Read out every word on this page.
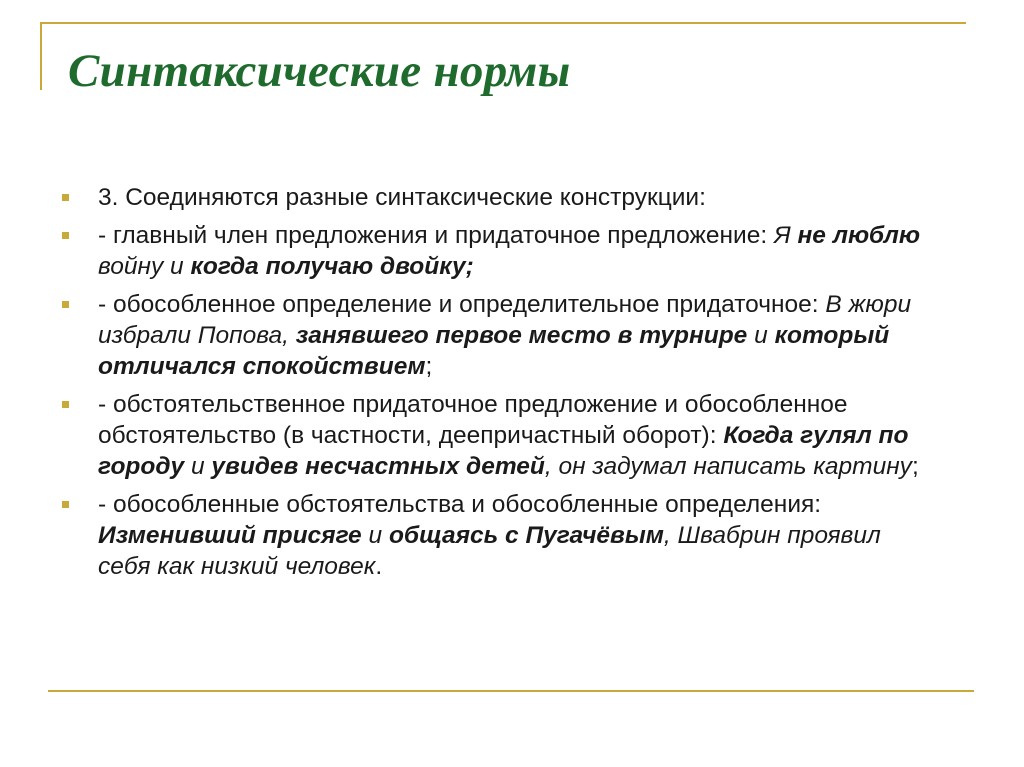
Синтаксические нормы
3. Соединяются разные синтаксические конструкции:
- главный член предложения и придаточное предложение: Я не люблю войну и когда получаю двойку;
- обособленное определение и определительное придаточное: В жюри избрали Попова, занявшего первое место в турнире и который отличался спокойствием;
- обстоятельственное придаточное предложение и обособленное обстоятельство (в частности, деепричастный оборот): Когда гулял по городу и увидев несчастных детей, он задумал написать картину;
- обособленные обстоятельства и обособленные определения: Изменивший присяге и общаясь с Пугачёвым, Швабрин проявил себя как низкий человек.
